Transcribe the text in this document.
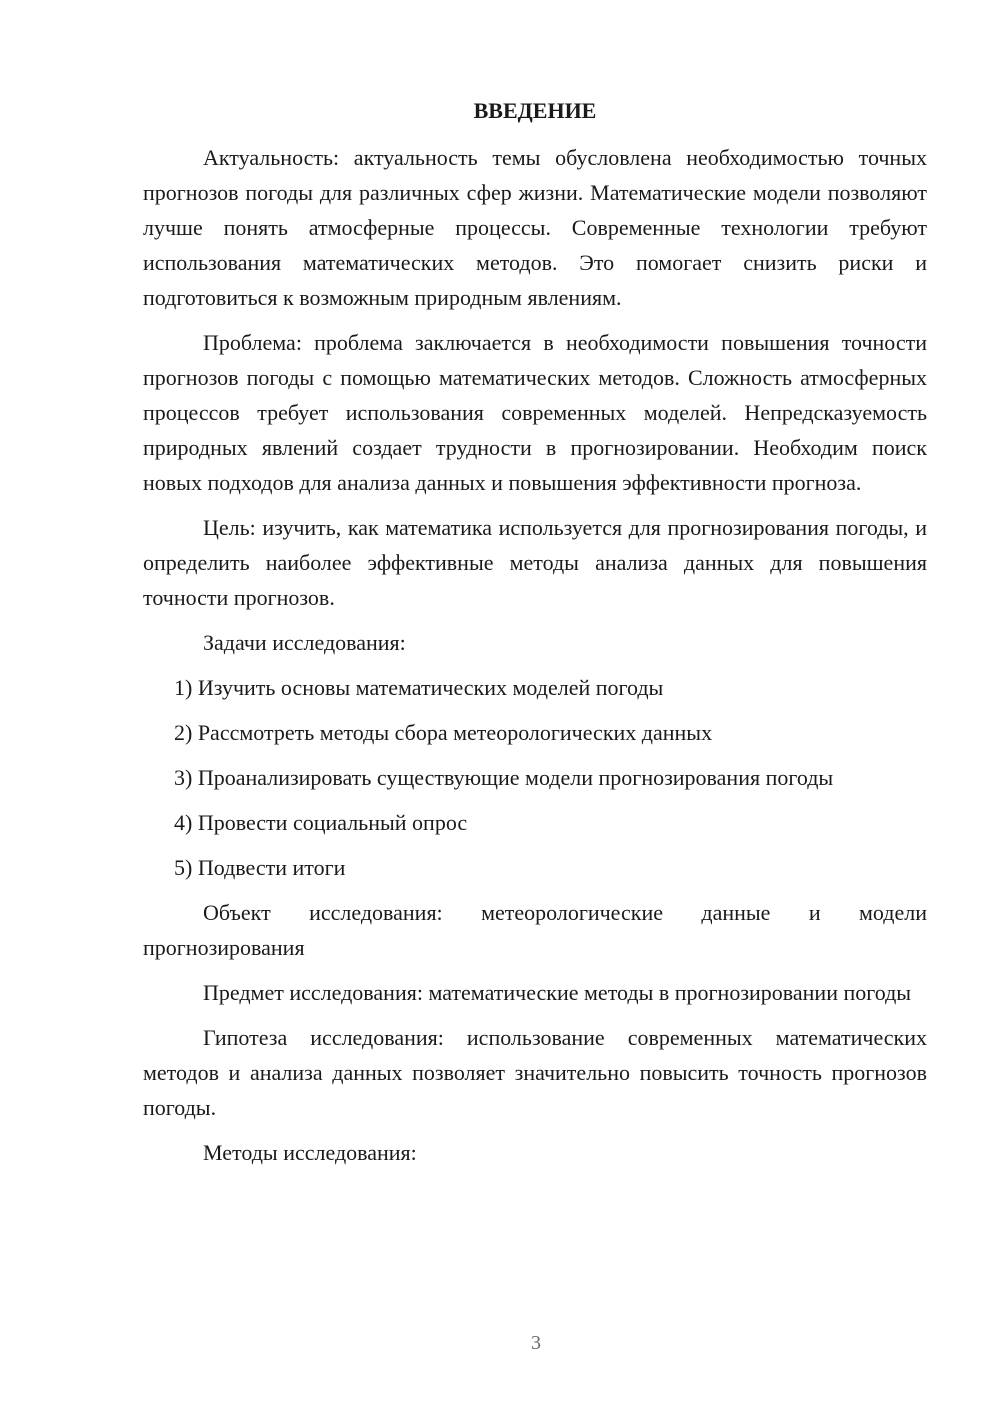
ВВЕДЕНИЕ

Актуальность: актуальность темы обусловлена необходимостью точных прогнозов погоды для различных сфер жизни. Математические модели позволяют лучше понять атмосферные процессы. Современные технологии требуют использования математических методов. Это помогает снизить риски и подготовиться к возможным природным явлениям.

Проблема: проблема заключается в необходимости повышения точности прогнозов погоды с помощью математических методов. Сложность атмосферных процессов требует использования современных моделей. Непредсказуемость природных явлений создает трудности в прогнозировании. Необходим поиск новых подходов для анализа данных и повышения эффективности прогноза.

Цель: изучить, как математика используется для прогнозирования погоды, и определить наиболее эффективные методы анализа данных для повышения точности прогнозов.

Задачи исследования:

1) Изучить основы математических моделей погоды

2) Рассмотреть методы сбора метеорологических данных

3) Проанализировать существующие модели прогнозирования погоды

4) Провести социальный опрос

5) Подвести итоги

Объект исследования: метеорологические данные и модели прогнозирования

Предмет исследования: математические методы в прогнозировании погоды

Гипотеза исследования: использование современных математических методов и анализа данных позволяет значительно повысить точность прогнозов погоды.

Методы исследования:

3
